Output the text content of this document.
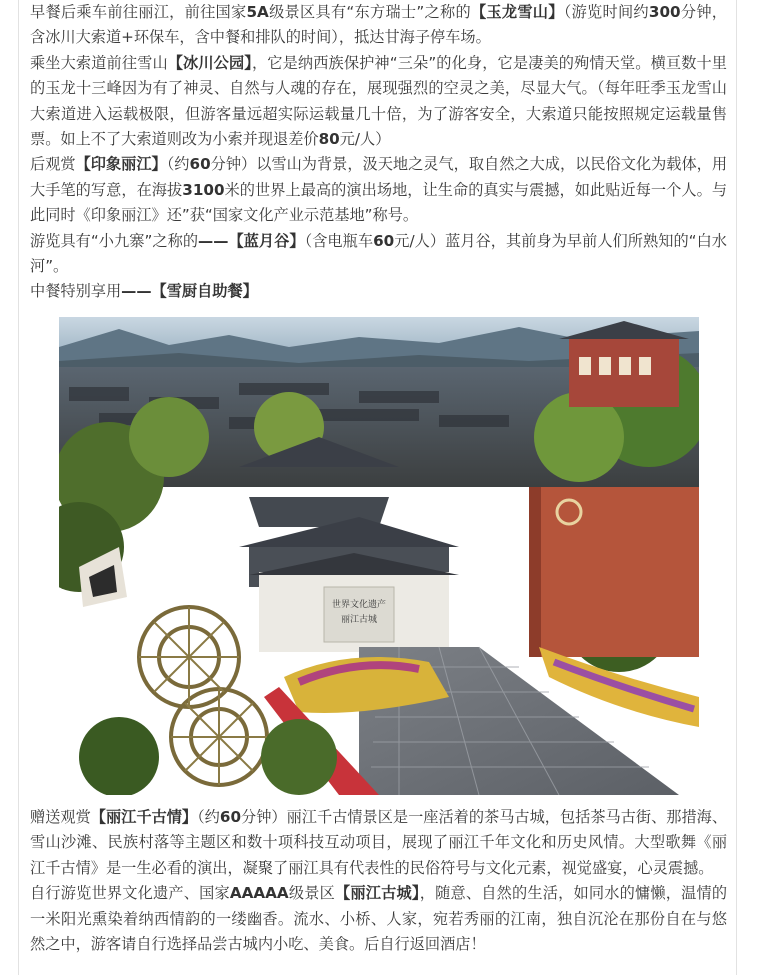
早餐后乘车前往丽江，前往国家5A级景区具有“东方瑞士”之称的【玉龙雪山】（游览时间约300分钟，含冰川大索道+环保车，含中餐和排队的时间），抵达甘海子停车场。

乘坐大索道前往雪山【冰川公园】，它是纳西族保护神“三朵”的化身，它是凄美的殉情天堂。横亘数十里的玉龙十三峰因为有了神灵、自然与人魂的存在，展现强烈的空灵之美，尽显大气。（每年旺季玉龙雪山大索道进入运载极限，但游客量远超实际运载量几十倍，为了游客安全，大索道只能按照规定运载量售票。如上不了大索道则改为小索并现退差价80元/人）

后观赏【印象丽江】（约60分钟）以雪山为背景，汲天地之灵气，取自然之大成，以民俗文化为载体，用大手笔的写意，在海拔3100米的世界上最高的演出场地，让生命的真实与震撼，如此贴近每一个人。与此同时《印象丽江》还”获“国家文化产业示范基地”称号。

游览具有“小九寨”之称的——【蓝月谷】（含电瓶车60元/人）蓝月谷，其前身为早前人们所熟知的“白水河”。

中餐特别享用——【雪厨自助餐】

世界文化遗产
丽江古城

赠送观赏【丽江千古情】（约60分钟）丽江千古情景区是一座活着的茶马古城，包括茶马古街、那措海、雪山沙滩、民族村落等主题区和数十项科技互动项目，展现了丽江千年文化和历史风情。大型歌舞《丽江千古情》是一生必看的演出，凝聚了丽江具有代表性的民俗符号与文化元素，视觉盛宴，心灵震撼。

自行游览世界文化遗产、国家AAAAA级景区【丽江古城】，随意、自然的生活，如同水的慵懒，温情的一米阳光熏染着纳西情韵的一缕幽香。流水、小桥、人家，宛若秀丽的江南，独自沉沦在那份自在与悠然之中，游客请自行选择品尝古城内小吃、美食。后自行返回酒店！
